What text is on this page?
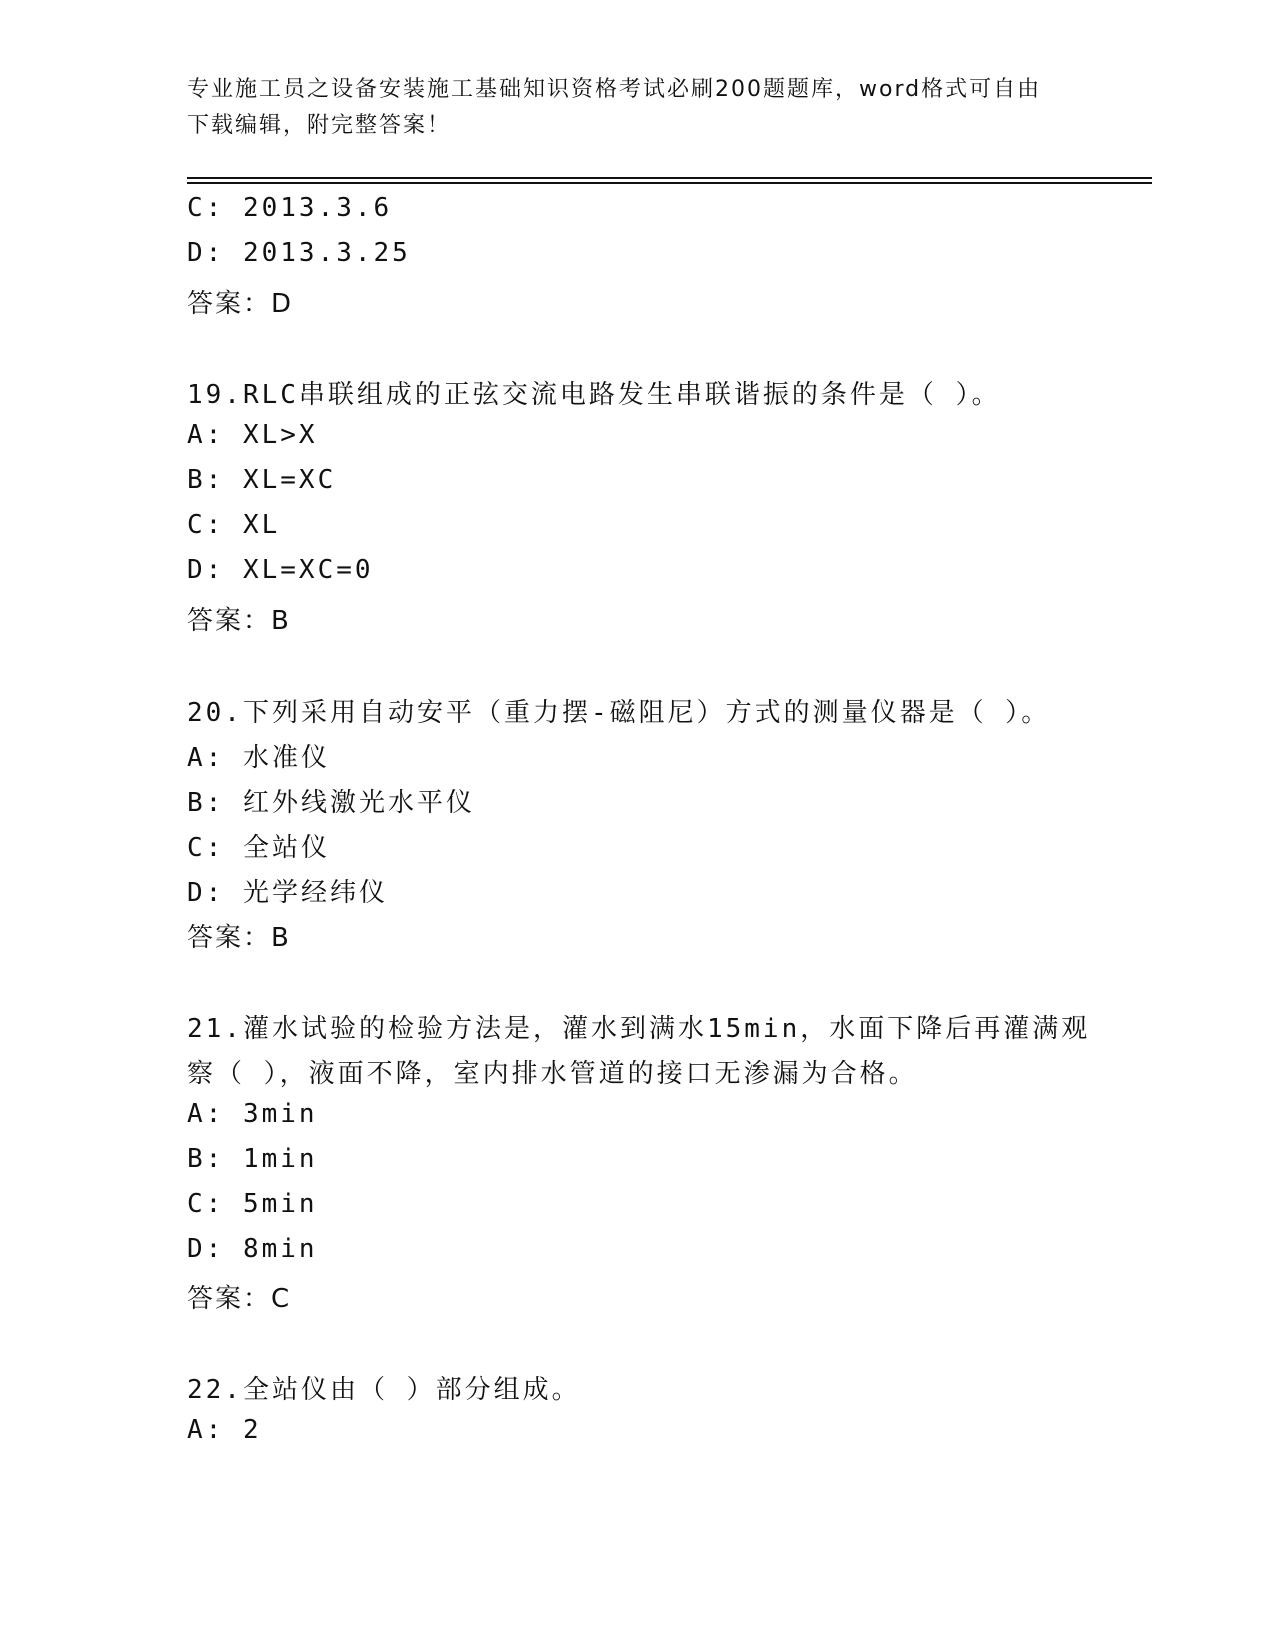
专业施工员之设备安装施工基础知识资格考试必刷200题题库，word格式可自由
下载编辑，附完整答案！
C: 2013.3.6
D: 2013.3.25
答案：D
19.RLC串联组成的正弦交流电路发生串联谐振的条件是（ ）。
A: XL>X
B: XL=XC
C: XL
D: XL=XC=0
答案：B
20.下列采用自动安平（重力摆-磁阻尼）方式的测量仪器是（ ）。
A: 水准仪
B: 红外线激光水平仪
C: 全站仪
D: 光学经纬仪
答案：B
21.灌水试验的检验方法是，灌水到满水15min，水面下降后再灌满观
察（ ），液面不降，室内排水管道的接口无渗漏为合格。
A: 3min
B: 1min
C: 5min
D: 8min
答案：C
22.全站仪由（ ）部分组成。
A: 2
